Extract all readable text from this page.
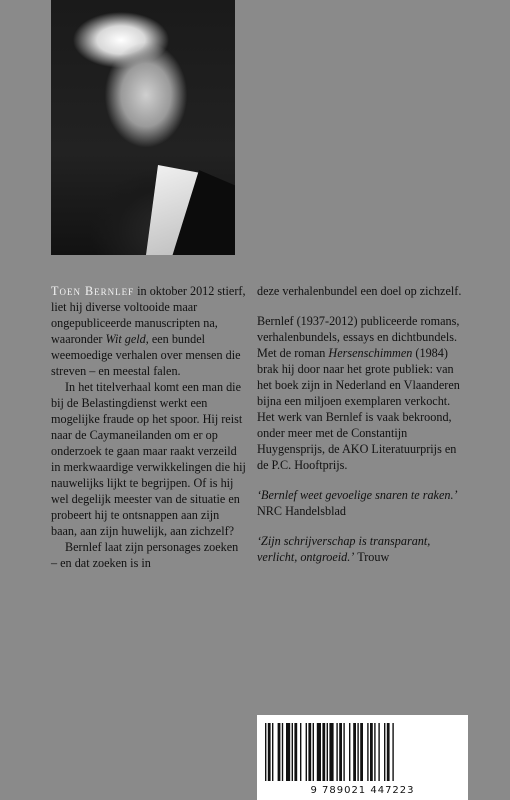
Toen Bernlef in oktober 2012 stierf, liet hij diverse voltooide maar ongepubliceerde manuscripten na, waaronder Wit geld, een bundel weemoedige verhalen over mensen die streven – en meestal falen.

In het titelverhaal komt een man die bij de Belastingdienst werkt een mogelijke fraude op het spoor. Hij reist naar de Caymaneilanden om er op onderzoek te gaan maar raakt verzeild in merkwaardige verwikkelingen die hij nauwelijks lijkt te begrijpen. Of is hij wel degelijk meester van de situatie en probeert hij te ontsnappen aan zijn baan, aan zijn huwelijk, aan zichzelf?

Bernlef laat zijn personages zoeken – en dat zoeken is in

deze verhalenbundel een doel op zichzelf.

Bernlef (1937-2012) publiceerde romans, verhalenbundels, essays en dichtbundels. Met de roman Hersenschimmen (1984) brak hij door naar het grote publiek: van het boek zijn in Nederland en Vlaanderen bijna een miljoen exemplaren verkocht. Het werk van Bernlef is vaak bekroond, onder meer met de Constantijn Huygensprijs, de AKO Literatuurprijs en de P.C. Hooftprijs.

‘Bernlef weet gevoelige snaren te raken.’ NRC Handelsblad

‘Zijn schrijverschap is transparant, verlicht, ontgroeid.’ Trouw

9 789021 447223
